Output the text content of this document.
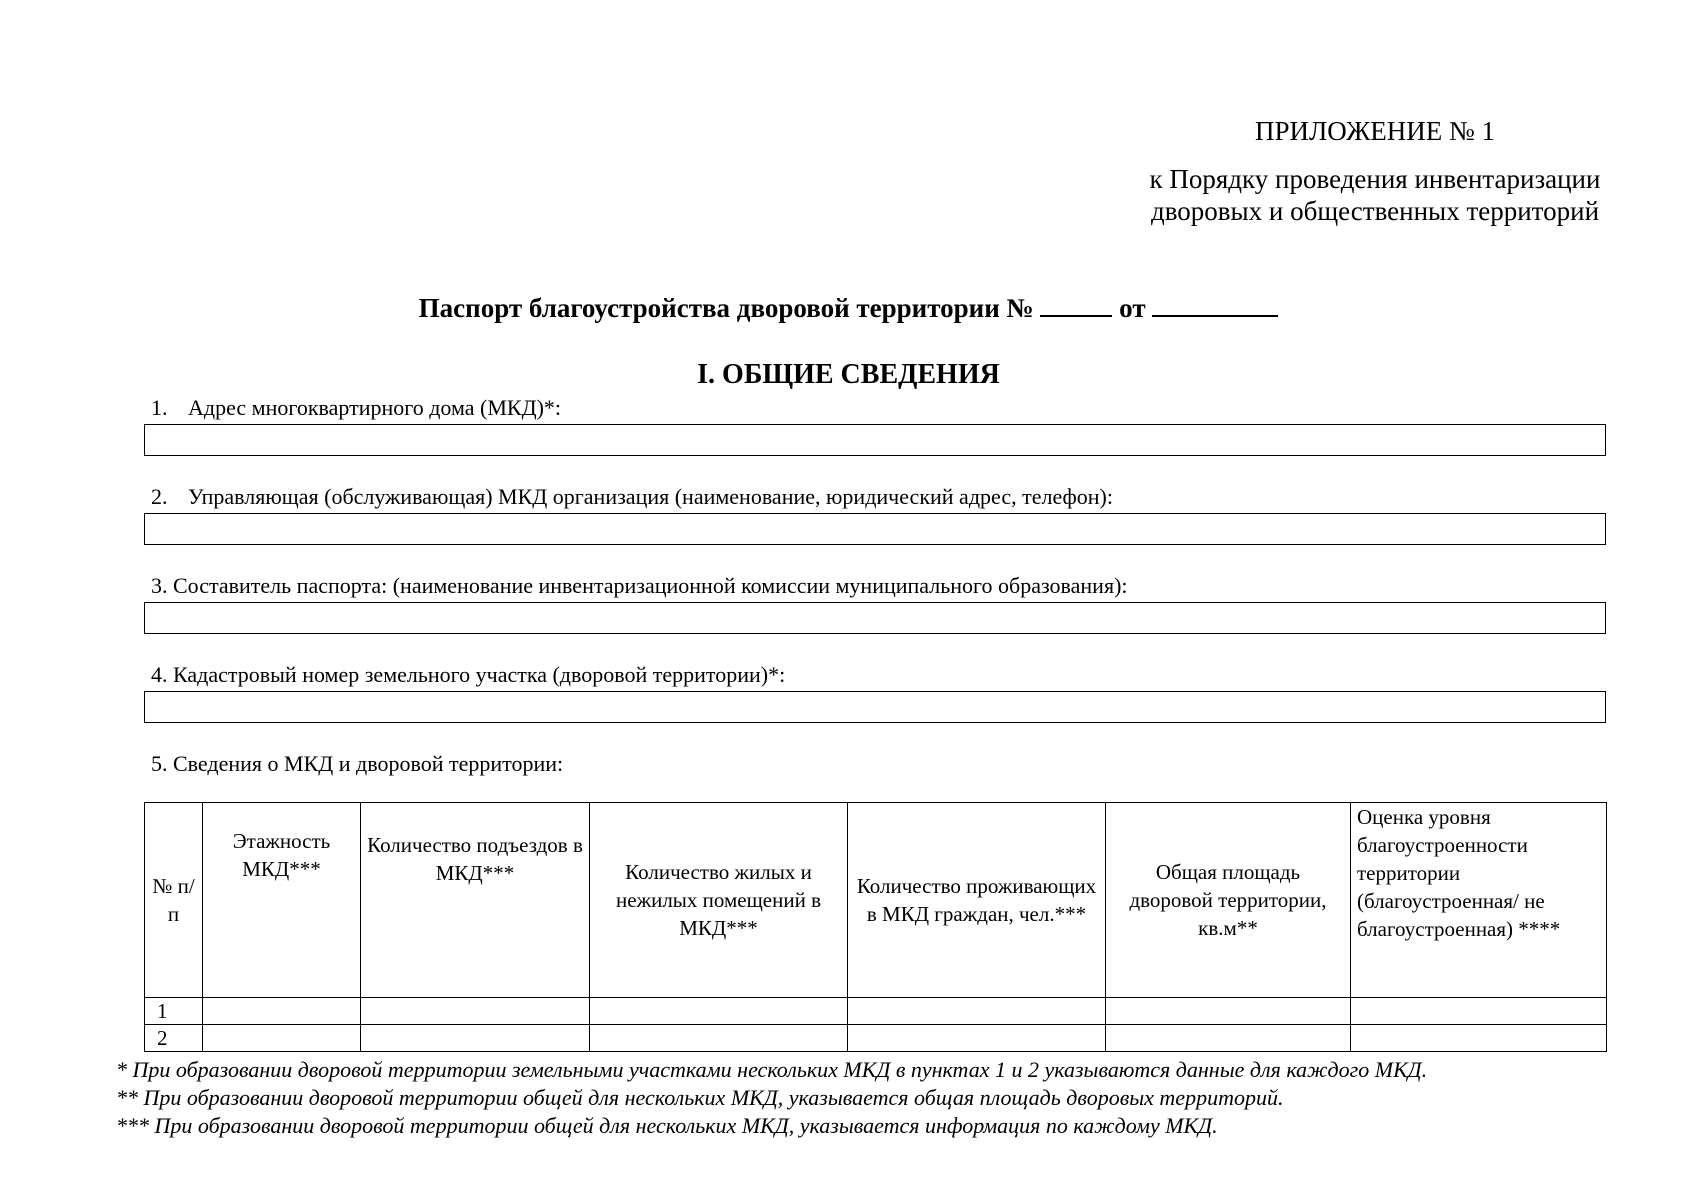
ПРИЛОЖЕНИЕ № 1
к Порядку проведения инвентаризации
дворовых и общественных территорий
Паспорт благоустройства дворовой территории №	от
I. ОБЩИЕ СВЕДЕНИЯ
1. Адрес многоквартирного дома (МКД)*:
2. Управляющая (обслуживающая) МКД организация (наименование, юридический адрес, телефон):
3. Составитель паспорта: (наименование инвентаризационной комиссии муниципального образования):
4. Кадастровый номер земельного участка (дворовой территории)*:
5. Сведения о МКД и дворовой территории:
№ п/п	Этажность МКД***	Количество подъездов в МКД***	Количество жилых и нежилых помещений в МКД***	Количество проживающих в МКД граждан, чел.***	Общая площадь дворовой территории, кв.м**	Оценка уровня благоустроенности территории (благоустроенная/ не благоустроенная) ****
1						
2						
* При образовании дворовой территории земельными участками нескольких МКД в пунктах 1 и 2 указываются данные для каждого МКД.
** При образовании дворовой территории общей для нескольких МКД, указывается общая площадь дворовых территорий.
*** При образовании дворовой территории общей для нескольких МКД, указывается информация по каждому МКД.
